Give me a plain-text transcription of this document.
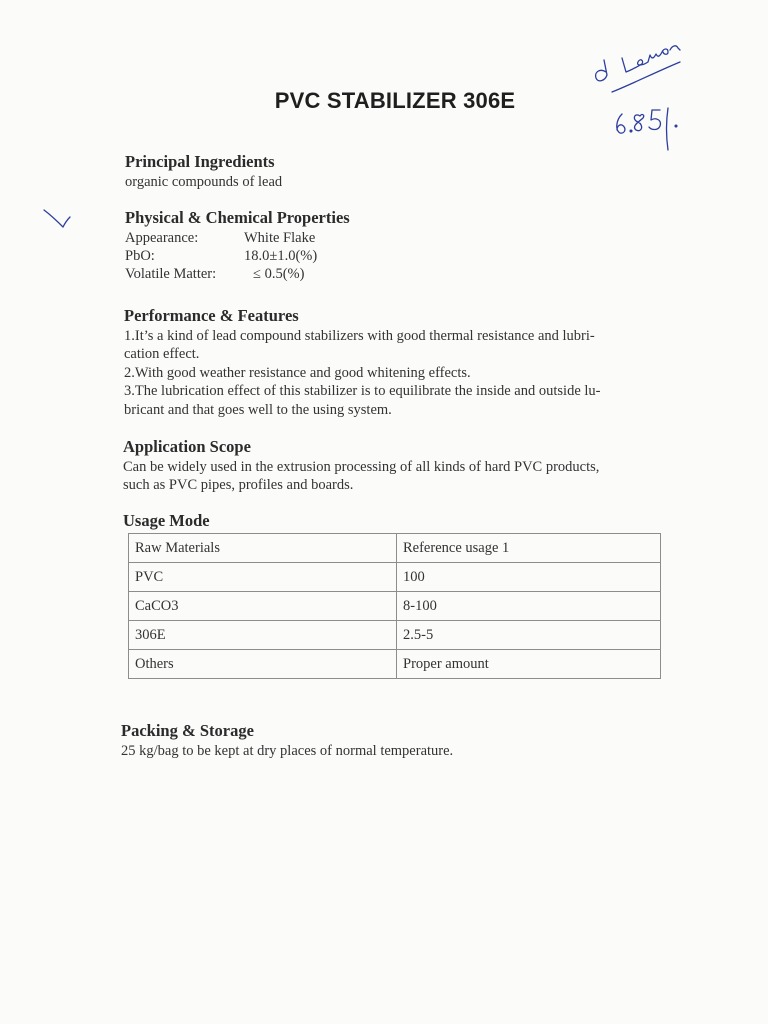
PVC STABILIZER 306E
Principal Ingredients
organic compounds of lead
Physical & Chemical Properties
Appearance:	White Flake
PbO:	18.0±1.0(%)
Volatile Matter:	≤ 0.5(%)
Performance & Features
1.It’s a kind of lead compound stabilizers with good thermal resistance and lubri-
cation effect.
2.With good weather resistance and good whitening effects.
3.The lubrication effect of this stabilizer is to equilibrate the inside and outside lu-
bricant and that goes well to the using system.
Application Scope
Can be widely used in the extrusion processing of all kinds of hard PVC products,
such as PVC pipes, profiles and boards.
Usage Mode
Raw Materials	Reference usage 1
PVC	100
CaCO3	8-100
306E	2.5-5
Others	Proper amount
Packing & Storage
25 kg/bag to be kept at dry places of normal temperature.
